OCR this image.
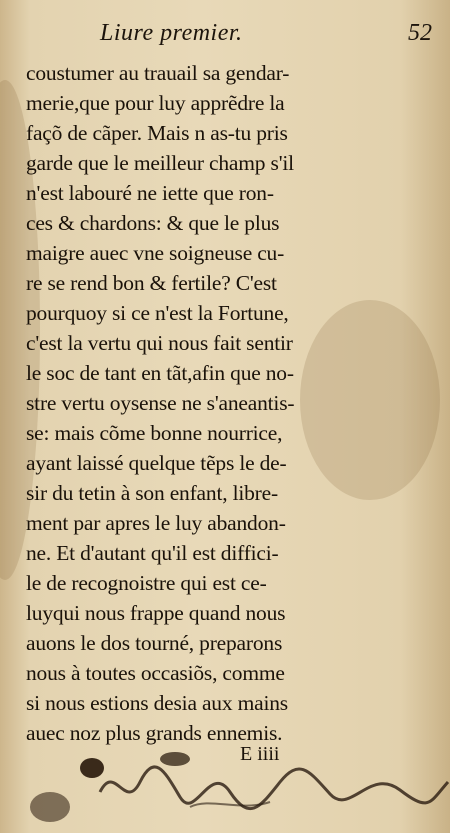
Liure premier.	52
coustumer au trauail sa gendar-
merie,que pour luy apprẽdre la
façõ de cãper. Mais n as-tu pris
garde que le meilleur champ s'il
n'est labouré ne iette que ron-
ces & chardons: & que le plus
maigre auec vne soigneuse cu-
re se rend bon & fertile? C'est
pourquoy si ce n'est la Fortune,
c'est la vertu qui nous fait sentir
le soc de tant en tãt,afin que no-
stre vertu oysense ne s'aneantis-
se: mais cõme bonne nourrice,
ayant laissé quelque tẽps le de-
sir du tetin à son enfant, libre-
ment par apres le luy abandon-
ne. Et d'autant qu'il est diffici-
le de recognoistre qui est ce-
luyqui nous frappe quand nous
auons le dos tourné, preparons
nous à toutes occasiõs, comme
si nous estions desia aux mains
auec noz plus grands ennemis.
E iiii
